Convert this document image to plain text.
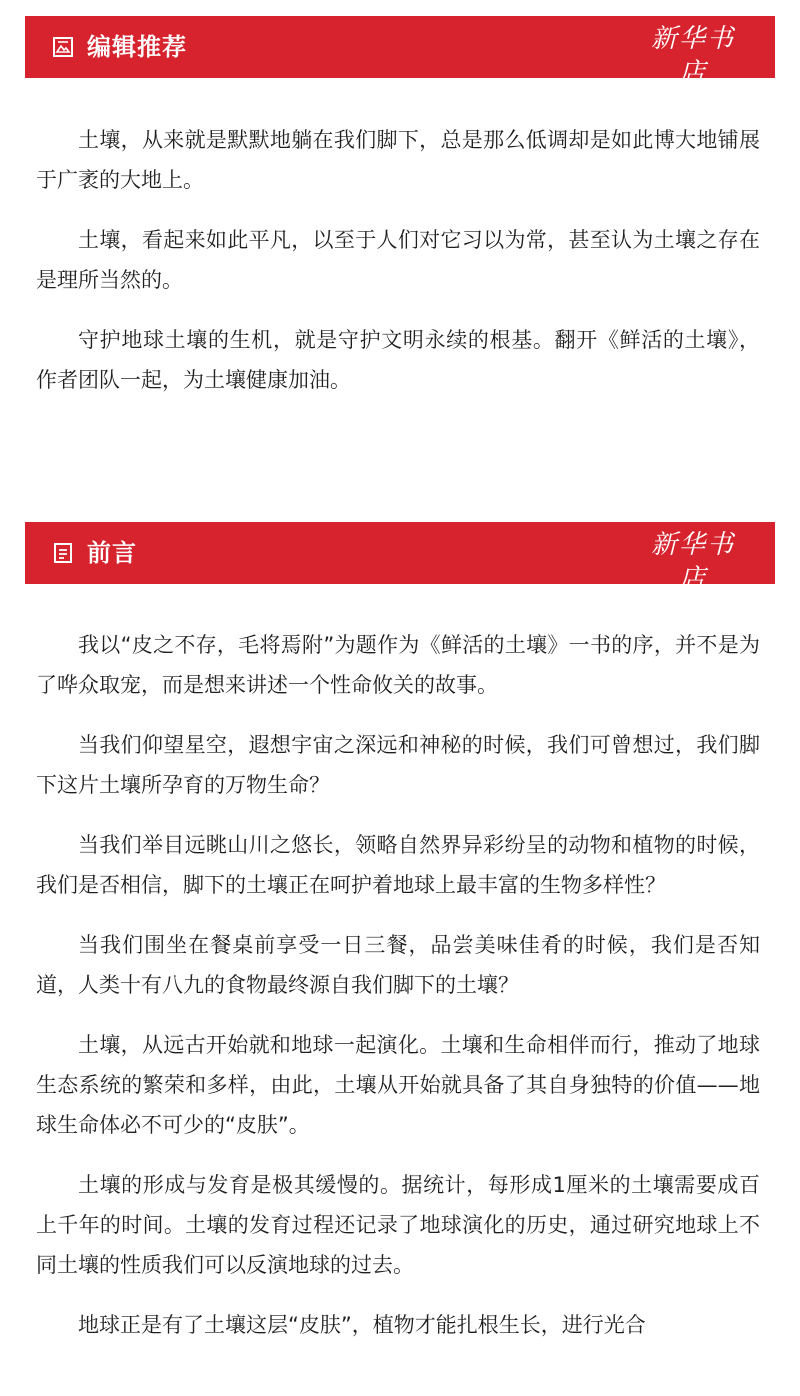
编辑推荐	新华书店
XINHUA BOOKSTORE

土壤，从来就是默默地躺在我们脚下，总是那么低调却是如此博大地铺展于广袤的大地上。

土壤，看起来如此平凡，以至于人们对它习以为常，甚至认为土壤之存在是理所当然的。

守护地球土壤的生机，就是守护文明永续的根基。翻开《鲜活的土壤》，作者团队一起，为土壤健康加油。

前言	新华书店
XINHUA BOOKSTORE

我以“皮之不存，毛将焉附”为题作为《鲜活的土壤》一书的序，并不是为了哗众取宠，而是想来讲述一个性命攸关的故事。

当我们仰望星空，遐想宇宙之深远和神秘的时候，我们可曾想过，我们脚下这片土壤所孕育的万物生命？

当我们举目远眺山川之悠长，领略自然界异彩纷呈的动物和植物的时候，我们是否相信，脚下的土壤正在呵护着地球上最丰富的生物多样性？

当我们围坐在餐桌前享受一日三餐，品尝美味佳肴的时候，我们是否知道，人类十有八九的食物最终源自我们脚下的土壤？

土壤，从远古开始就和地球一起演化。土壤和生命相伴而行，推动了地球生态系统的繁荣和多样，由此，土壤从开始就具备了其自身独特的价值——地球生命体必不可少的“皮肤”。

土壤的形成与发育是极其缓慢的。据统计，每形成1厘米的土壤需要成百上千年的时间。土壤的发育过程还记录了地球演化的历史，通过研究地球上不同土壤的性质我们可以反演地球的过去。

地球正是有了土壤这层“皮肤”，植物才能扎根生长，进行光合
